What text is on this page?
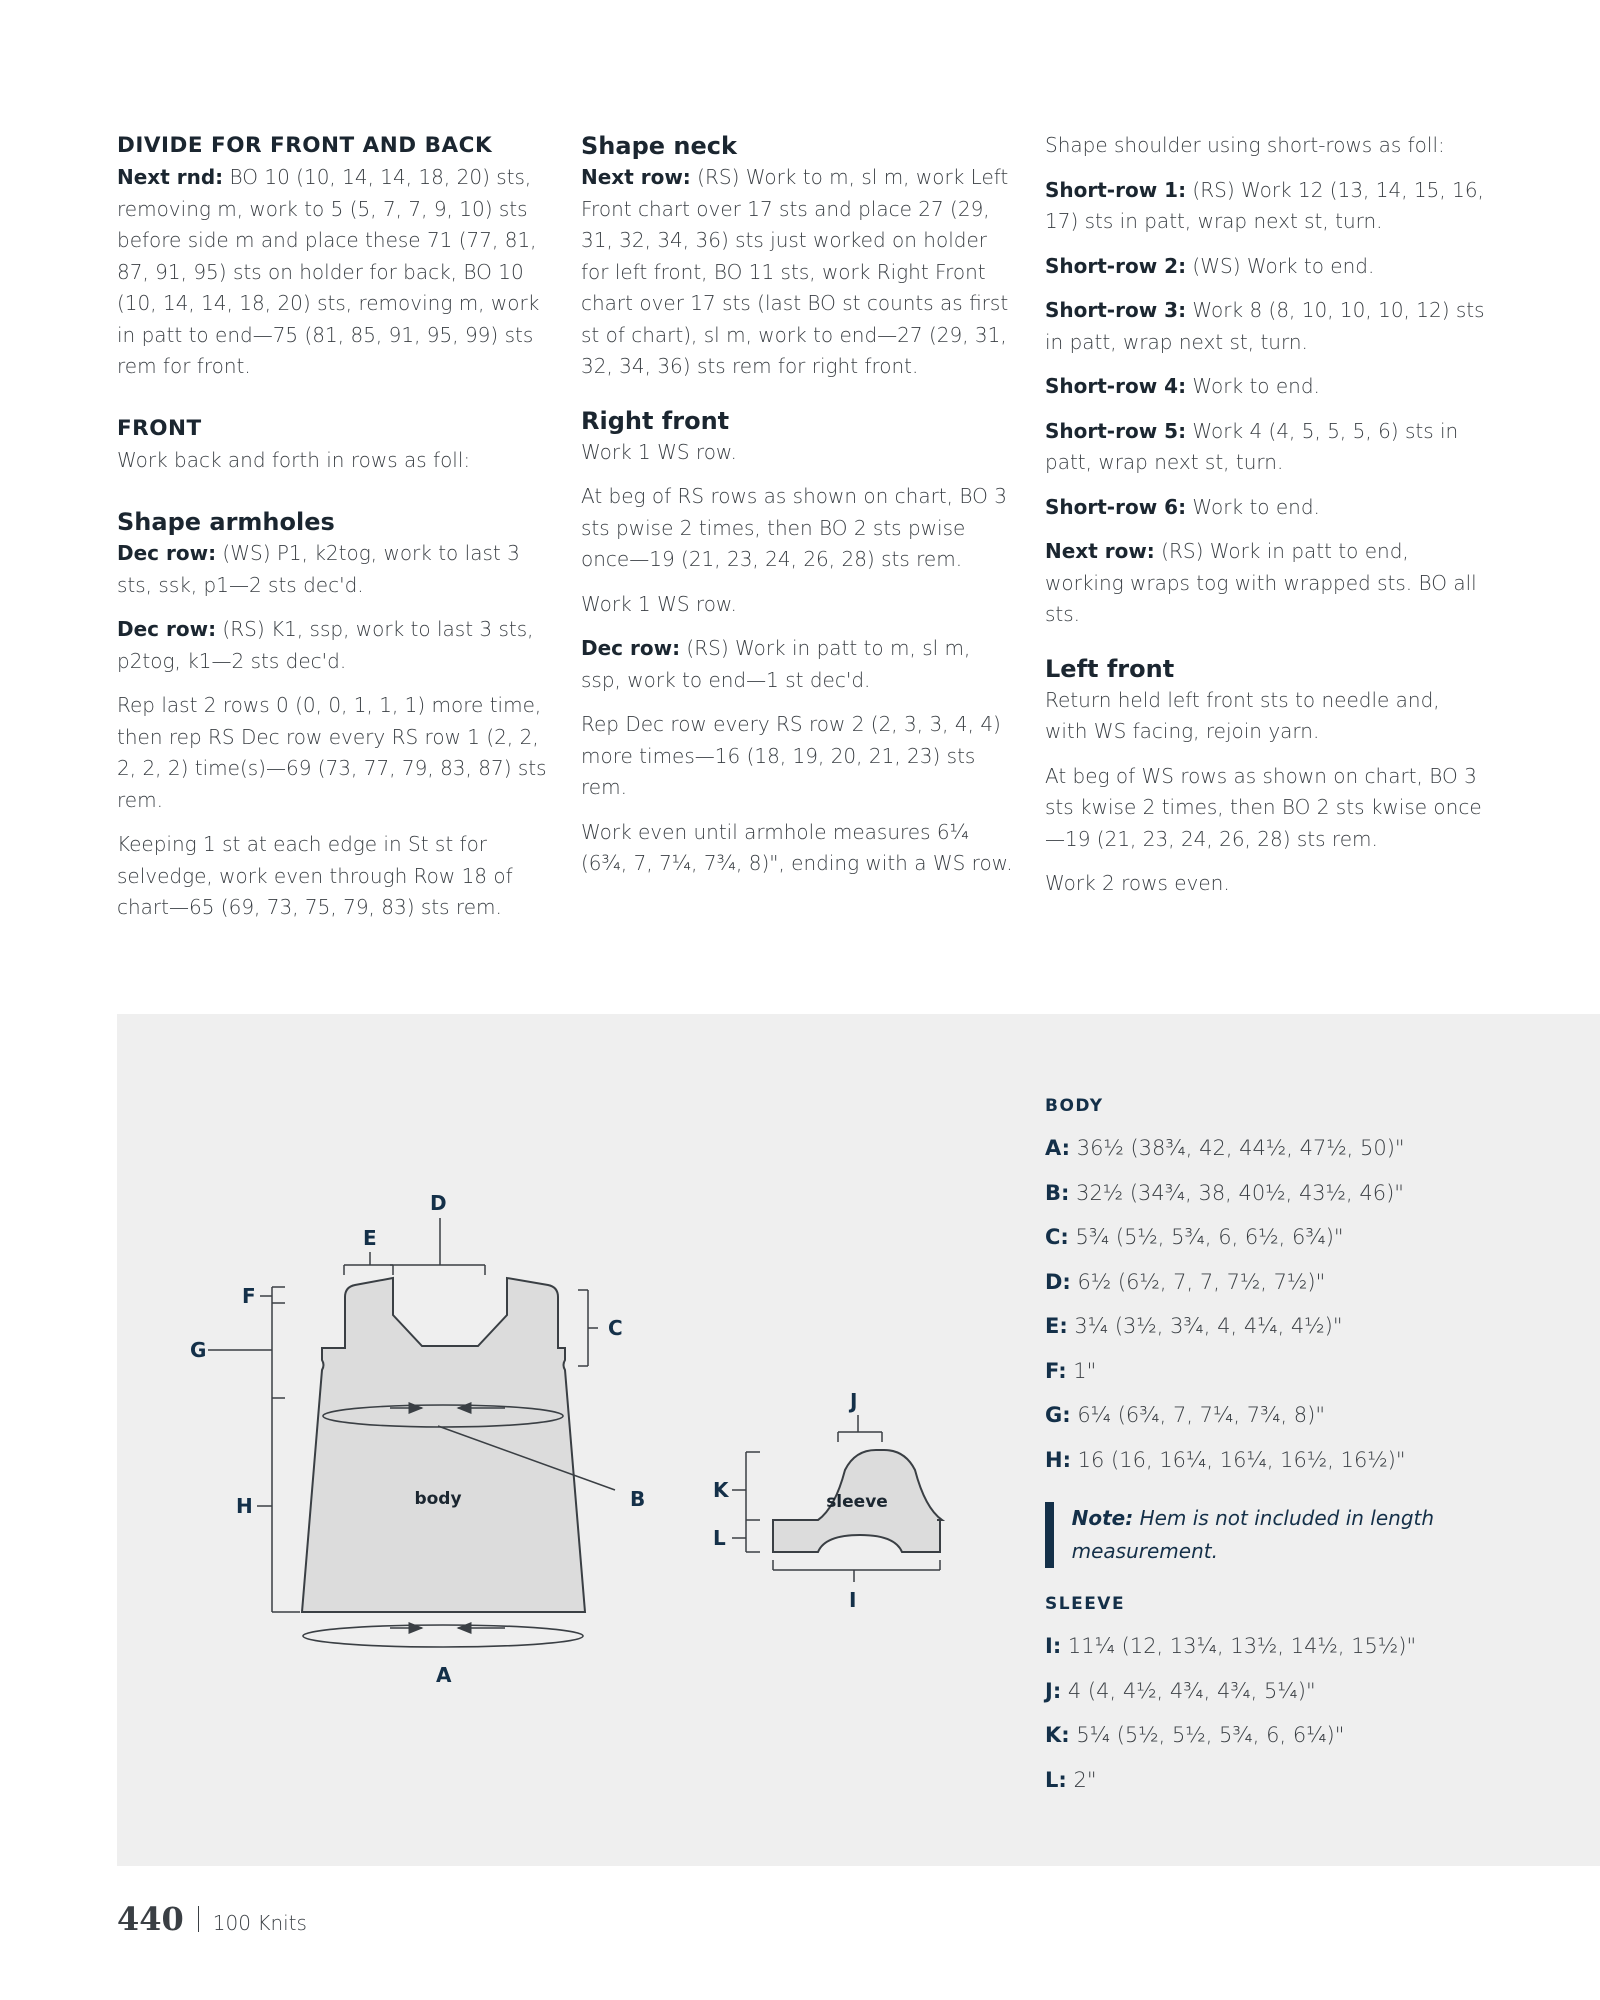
DIVIDE FOR FRONT AND BACK

Next rnd: BO 10 (10, 14, 14, 18, 20) sts, removing m, work to 5 (5, 7, 7, 9, 10) sts before side m and place these 71 (77, 81, 87, 91, 95) sts on holder for back, BO 10 (10, 14, 14, 18, 20) sts, removing m, work in patt to end—75 (81, 85, 91, 95, 99) sts rem for front.

FRONT

Work back and forth in rows as foll:

Shape armholes

Dec row: (WS) P1, k2tog, work to last 3 sts, ssk, p1—2 sts dec'd.

Dec row: (RS) K1, ssp, work to last 3 sts, p2tog, k1—2 sts dec'd.

Rep last 2 rows 0 (0, 0, 1, 1, 1) more time, then rep RS Dec row every RS row 1 (2, 2, 2, 2, 2) time(s)—69 (73, 77, 79, 83, 87) sts rem.

Keeping 1 st at each edge in St st for selvedge, work even through Row 18 of chart—65 (69, 73, 75, 79, 83) sts rem.

Shape neck

Next row: (RS) Work to m, sl m, work Left Front chart over 17 sts and place 27 (29, 31, 32, 34, 36) sts just worked on holder for left front, BO 11 sts, work Right Front chart over 17 sts (last BO st counts as first st of chart), sl m, work to end—27 (29, 31, 32, 34, 36) sts rem for right front.

Right front

Work 1 WS row.

At beg of RS rows as shown on chart, BO 3 sts pwise 2 times, then BO 2 sts pwise once—19 (21, 23, 24, 26, 28) sts rem.

Work 1 WS row.

Dec row: (RS) Work in patt to m, sl m, ssp, work to end—1 st dec'd.

Rep Dec row every RS row 2 (2, 3, 3, 4, 4) more times—16 (18, 19, 20, 21, 23) sts rem.

Work even until armhole measures 6¼ (6¾, 7, 7¼, 7¾, 8)", ending with a WS row.

Shape shoulder using short-rows as foll:

Short-row 1: (RS) Work 12 (13, 14, 15, 16, 17) sts in patt, wrap next st, turn.

Short-row 2: (WS) Work to end.

Short-row 3: Work 8 (8, 10, 10, 10, 12) sts in patt, wrap next st, turn.

Short-row 4: Work to end.

Short-row 5: Work 4 (4, 5, 5, 5, 6) sts in patt, wrap next st, turn.

Short-row 6: Work to end.

Next row: (RS) Work in patt to end, working wraps tog with wrapped sts. BO all sts.

Left front

Return held left front sts to needle and, with WS facing, rejoin yarn.

At beg of WS rows as shown on chart, BO 3 sts kwise 2 times, then BO 2 sts kwise once—19 (21, 23, 24, 26, 28) sts rem.

Work 2 rows even.

body	B
A
D
E
C
F
G
H	sleeve
J
K
L
I

BODY

A: 36½ (38¾, 42, 44½, 47½, 50)"

B: 32½ (34¾, 38, 40½, 43½, 46)"

C: 5¾ (5½, 5¾, 6, 6½, 6¾)"

D: 6½ (6½, 7, 7, 7½, 7½)"

E: 3¼ (3½, 3¾, 4, 4¼, 4½)"

F: 1"

G: 6¼ (6¾, 7, 7¼, 7¾, 8)"

H: 16 (16, 16¼, 16¼, 16½, 16½)"

Note: Hem is not included in length measurement.

SLEEVE

I: 11¼ (12, 13¼, 13½, 14½, 15½)"

J: 4 (4, 4½, 4¾, 4¾, 5¼)"

K: 5¼ (5½, 5½, 5¾, 6, 6¼)"

L: 2"

440 100 Knits
